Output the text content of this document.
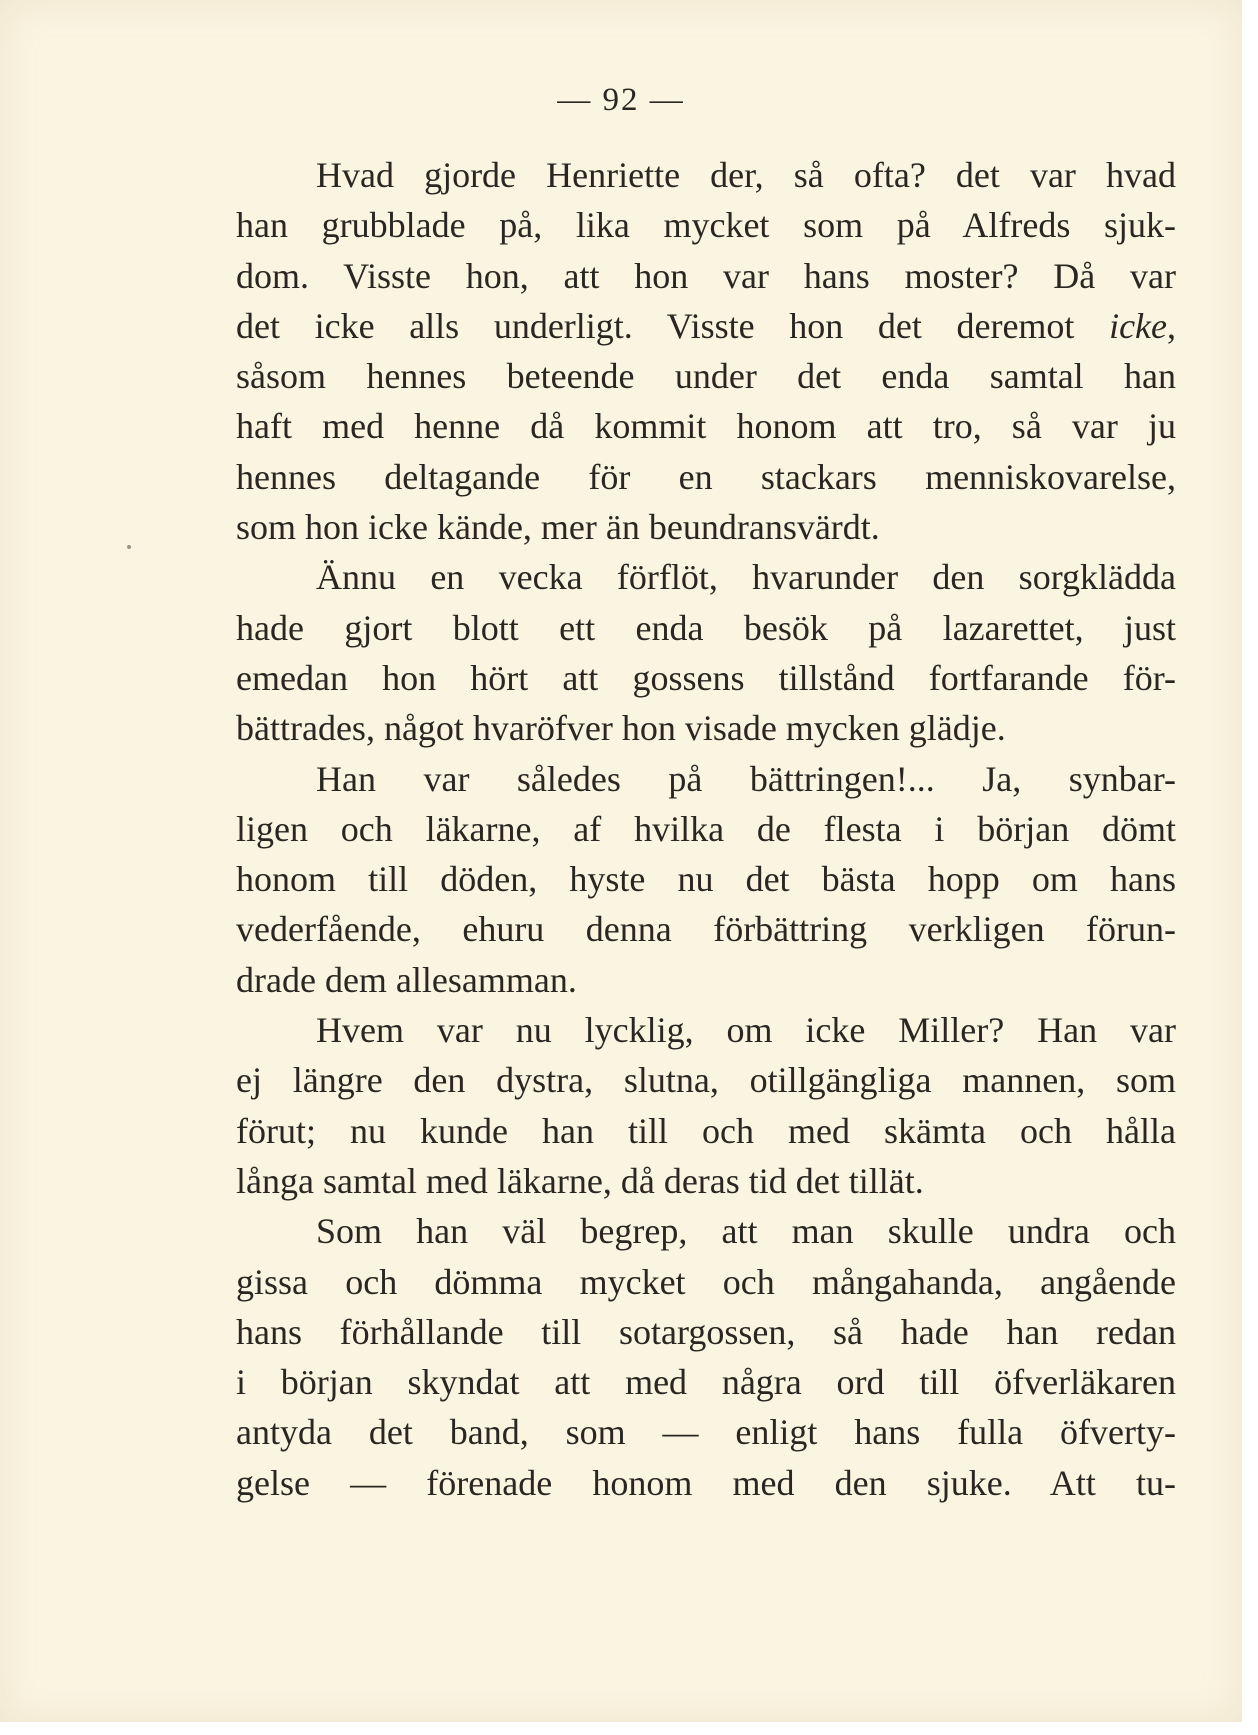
— 92 —
Hvad gjorde Henriette der, så ofta? det var hvad
han grubblade på, lika mycket som på Alfreds sjuk-
dom. Visste hon, att hon var hans moster? Då var
det icke alls underligt. Visste hon det deremot icke,
såsom hennes beteende under det enda samtal han
haft med henne då kommit honom att tro, så var ju
hennes deltagande för en stackars menniskovarelse,
som hon icke kände, mer än beundransvärdt.
Ännu en vecka förflöt, hvarunder den sorgklädda
hade gjort blott ett enda besök på lazarettet, just
emedan hon hört att gossens tillstånd fortfarande för-
bättrades, något hvaröfver hon visade mycken glädje.
Han var således på bättringen!... Ja, synbar-
ligen och läkarne, af hvilka de flesta i början dömt
honom till döden, hyste nu det bästa hopp om hans
vederfående, ehuru denna förbättring verkligen förun-
drade dem allesamman.
Hvem var nu lycklig, om icke Miller? Han var
ej längre den dystra, slutna, otillgängliga mannen, som
förut; nu kunde han till och med skämta och hålla
långa samtal med läkarne, då deras tid det tillät.
Som han väl begrep, att man skulle undra och
gissa och dömma mycket och mångahanda, angående
hans förhållande till sotargossen, så hade han redan
i början skyndat att med några ord till öfverläkaren
antyda det band, som — enligt hans fulla öfverty-
gelse — förenade honom med den sjuke. Att tu-
